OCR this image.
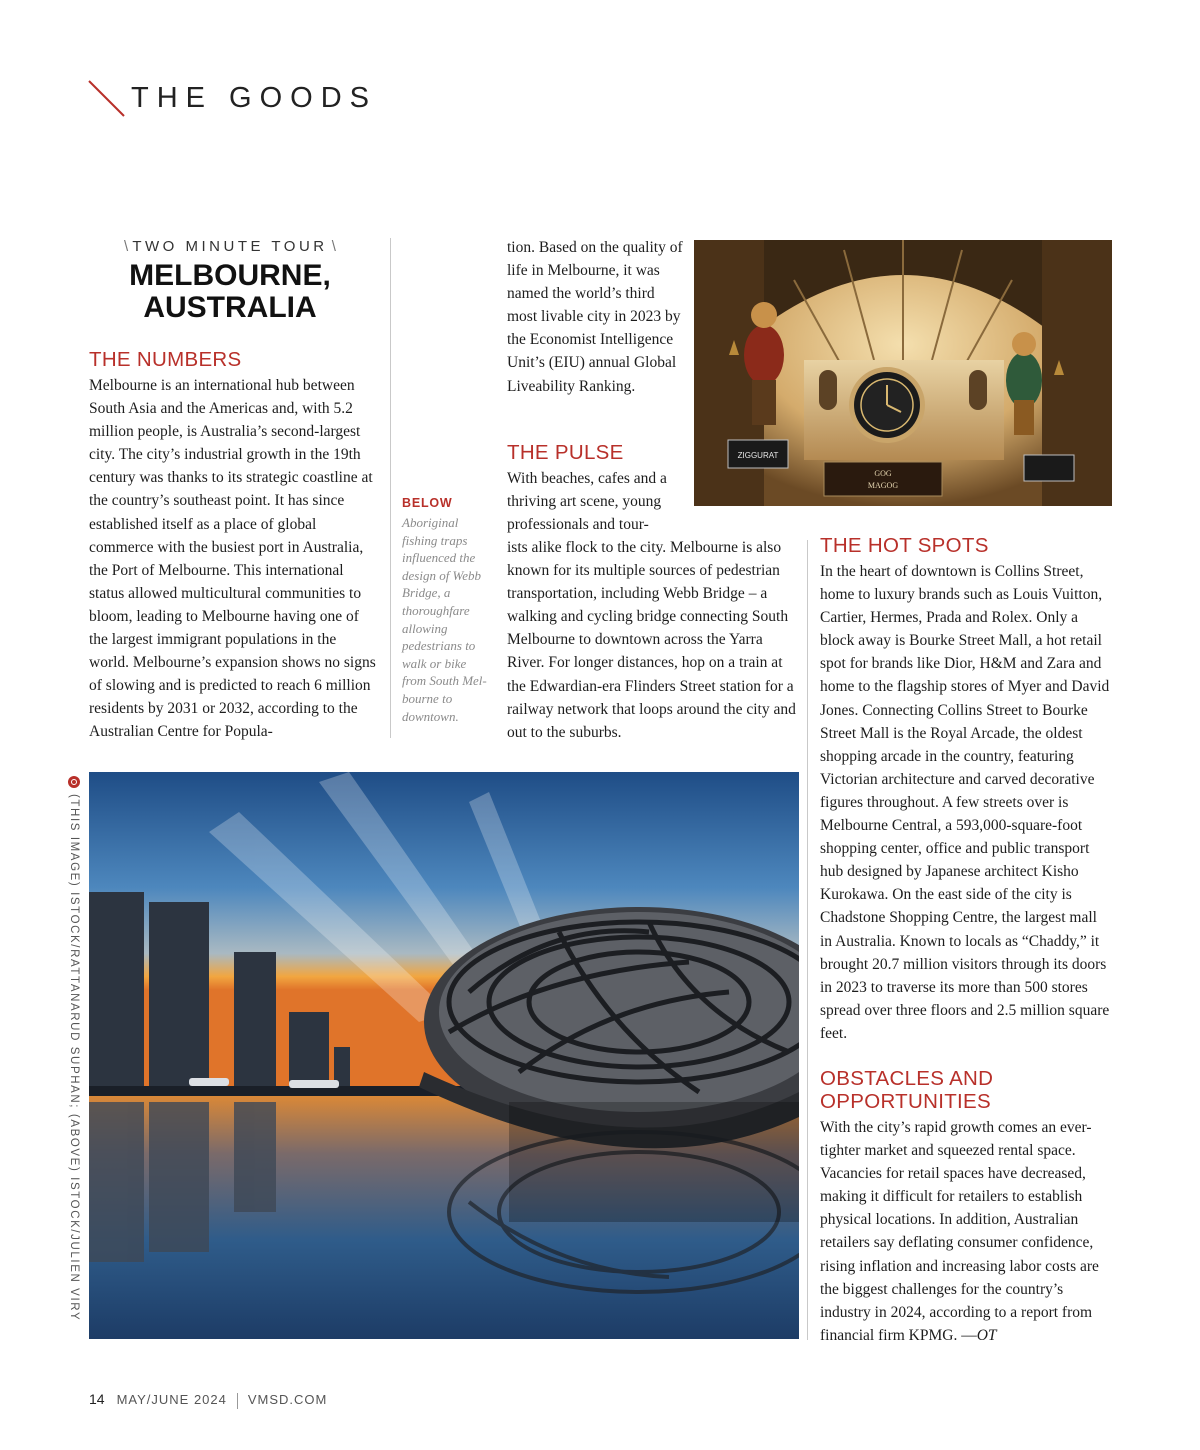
THE GOODS
\ TWO MINUTE TOUR \
MELBOURNE,
AUSTRALIA
THE NUMBERS
Melbourne is an international hub between South Asia and the Americas and, with 5.2 million people, is Australia’s second-largest city. The city’s industrial growth in the 19th century was thanks to its strategic coastline at the country’s southeast point. It has since established itself as a place of global commerce with the busiest port in Australia, the Port of Melbourne. This international status allowed multicultural communities to bloom, leading to Melbourne having one of the largest immigrant populations in the world. Melbourne’s expansion shows no signs of slowing and is predicted to reach 6 million residents by 2031 or 2032, according to the Australian Centre for Popula-
BELOW
Aboriginal fishing traps influenced the design of Webb Bridge, a thoroughfare allowing pedestrians to walk or bike from South Melbourne to downtown.
tion. Based on the quality of life in Melbourne, it was named the world’s third most livable city in 2023 by the Economist Intelligence Unit’s (EIU) annual Global Liveability Ranking.
THE PULSE
With beaches, cafes and a thriving art scene, young professionals and tour-
ists alike flock to the city. Melbourne is also known for its multiple sources of pedestrian transportation, including Webb Bridge – a walking and cycling bridge connecting South Melbourne to downtown across the Yarra River. For longer distances, hop on a train at the Edwardian-era Flinders Street station for a railway network that loops around the city and out to the suburbs.
ZIGGURAT
GOG
MAGOG
THE HOT SPOTS
In the heart of downtown is Collins Street, home to luxury brands such as Louis Vuitton, Cartier, Hermes, Prada and Rolex. Only a block away is Bourke Street Mall, a hot retail spot for brands like Dior, H&M and Zara and home to the flagship stores of Myer and David Jones. Connecting Collins Street to Bourke Street Mall is the Royal Arcade, the oldest shopping arcade in the country, featuring Victorian architecture and carved decorative figures throughout. A few streets over is Melbourne Central, a 593,000-square-foot shopping center, office and public transport hub designed by Japanese architect Kisho Kurokawa. On the east side of the city is Chadstone Shopping Centre, the largest mall in Australia. Known to locals as “Chaddy,” it brought 20.7 million visitors through its doors in 2023 to traverse its more than 500 stores spread over three floors and 2.5 million square feet.
OBSTACLES AND OPPORTUNITIES
With the city’s rapid growth comes an ever-tighter market and squeezed rental space. Vacancies for retail spaces have decreased, making it difficult for retailers to establish physical locations. In addition, Australian retailers say deflating consumer confidence, rising inflation and increasing labor costs are the biggest challenges for the country’s industry in 2024, according to a report from financial firm KPMG. —OT
(THIS IMAGE) ISTOCK/RATTANARUD SUPHAN; (ABOVE) ISTOCK/JULIEN VIRY
14 MAY/JUNE 2024 VMSD.COM
